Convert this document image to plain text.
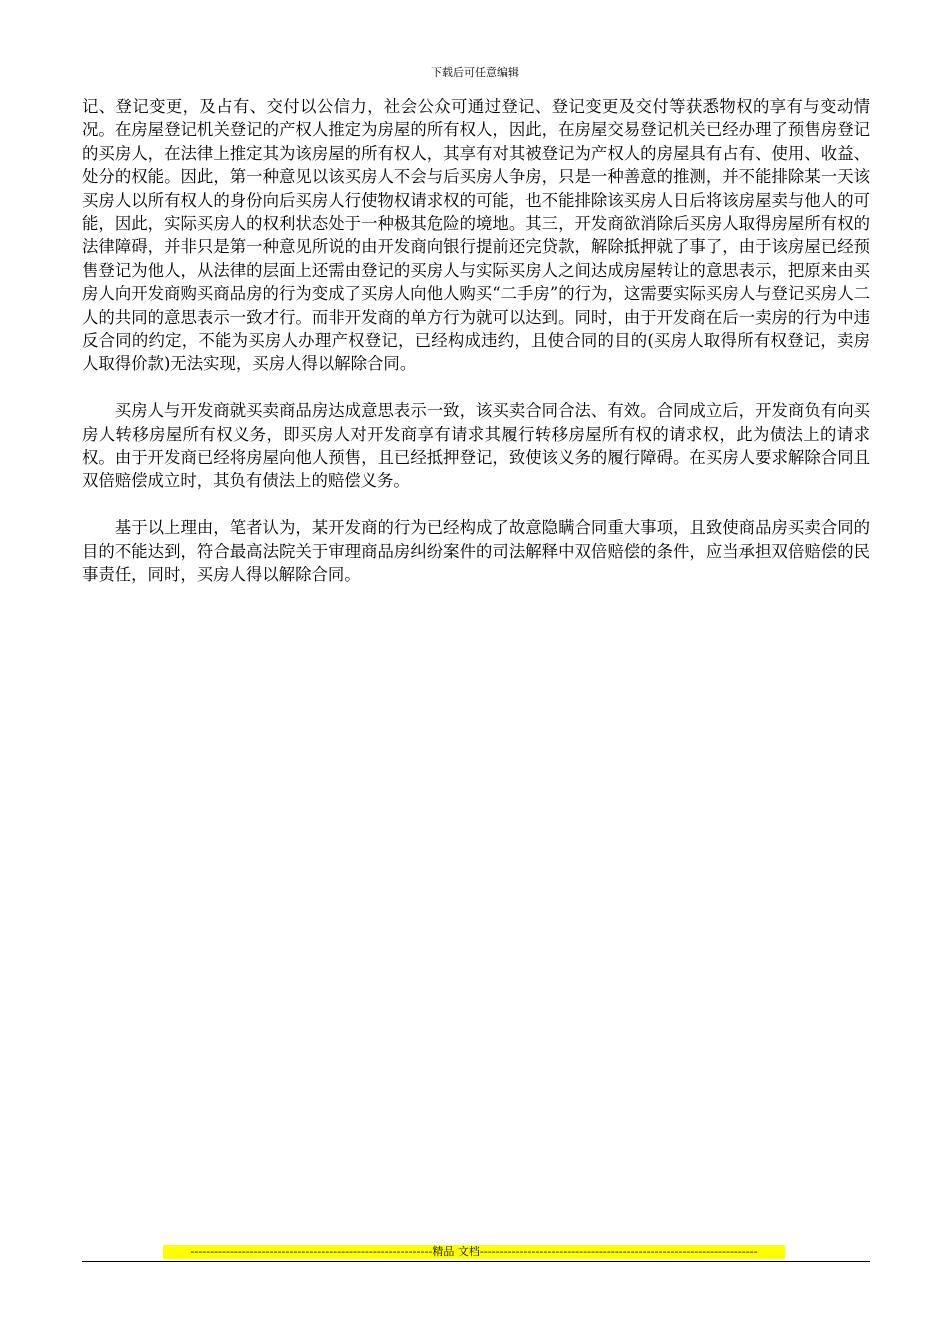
下载后可任意编辑

记、登记变更，及占有、交付以公信力，社会公众可通过登记、登记变更及交付等获悉物权的享有与变动情况。在房屋登记机关登记的产权人推定为房屋的所有权人，因此，在房屋交易登记机关已经办理了预售房登记的买房人，在法律上推定其为该房屋的所有权人，其享有对其被登记为产权人的房屋具有占有、使用、收益、处分的权能。因此，第一种意见以该买房人不会与后买房人争房，只是一种善意的推测，并不能排除某一天该买房人以所有权人的身份向后买房人行使物权请求权的可能，也不能排除该买房人日后将该房屋卖与他人的可能，因此，实际买房人的权利状态处于一种极其危险的境地。其三，开发商欲消除后买房人取得房屋所有权的法律障碍，并非只是第一种意见所说的由开发商向银行提前还完贷款，解除抵押就了事了，由于该房屋已经预售登记为他人，从法律的层面上还需由登记的买房人与实际买房人之间达成房屋转让的意思表示，把原来由买房人向开发商购买商品房的行为变成了买房人向他人购买“二手房”的行为，这需要实际买房人与登记买房人二人的共同的意思表示一致才行。而非开发商的单方行为就可以达到。同时，由于开发商在后一卖房的行为中违反合同的约定，不能为买房人办理产权登记，已经构成违约，且使合同的目的(买房人取得所有权登记，卖房人取得价款)无法实现，买房人得以解除合同。

买房人与开发商就买卖商品房达成意思表示一致，该买卖合同合法、有效。合同成立后，开发商负有向买房人转移房屋所有权义务，即买房人对开发商享有请求其履行转移房屋所有权的请求权，此为债法上的请求权。由于开发商已经将房屋向他人预售，且已经抵押登记，致使该义务的履行障碍。在买房人要求解除合同且双倍赔偿成立时，其负有债法上的赔偿义务。

基于以上理由，笔者认为，某开发商的行为已经构成了故意隐瞒合同重大事项，且致使商品房买卖合同的目的不能达到，符合最高法院关于审理商品房纠纷案件的司法解释中双倍赔偿的条件，应当承担双倍赔偿的民事责任，同时，买房人得以解除合同。

-------------------------------------------------------------精品 文档----------------------------------------------------------------------
